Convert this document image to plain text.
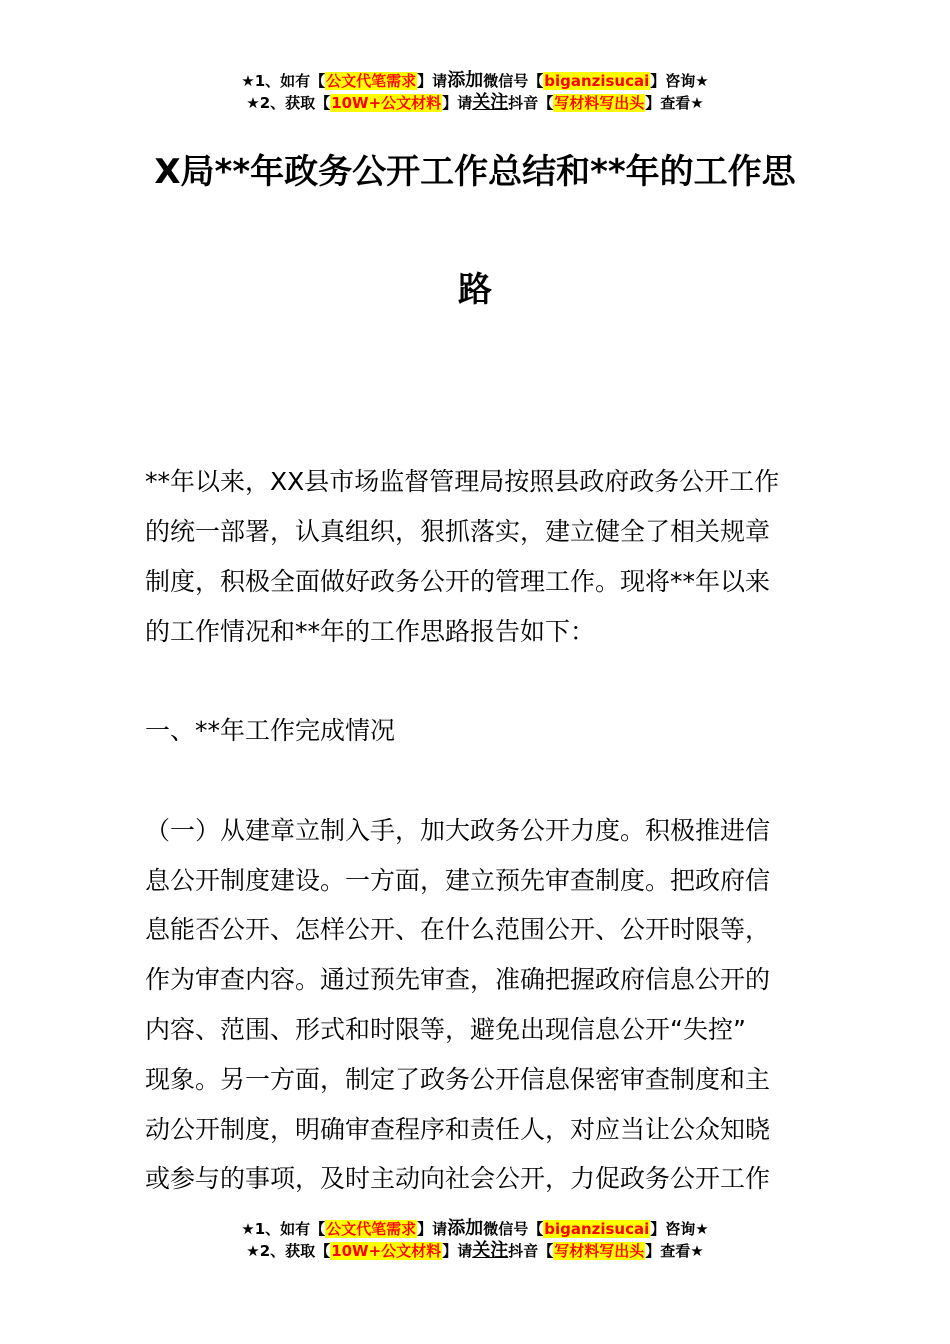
★1、如有【公文代笔需求】请添加微信号【biganzisucai】咨询★
★2、获取【10W+公文材料】请关注抖音【写材料写出头】查看★
X局**年政务公开工作总结和**年的工作思
路
**年以来，XX县市场监督管理局按照县政府政务公开工作
的统一部署，认真组织，狠抓落实，建立健全了相关规章
制度，积极全面做好政务公开的管理工作。现将**年以来
的工作情况和**年的工作思路报告如下：
一、**年工作完成情况
（一）从建章立制入手，加大政务公开力度。积极推进信
息公开制度建设。一方面，建立预先审查制度。把政府信
息能否公开、怎样公开、在什么范围公开、公开时限等，
作为审查内容。通过预先审查，准确把握政府信息公开的
内容、范围、形式和时限等，避免出现信息公开“失控”
现象。另一方面，制定了政务公开信息保密审查制度和主
动公开制度，明确审查程序和责任人，对应当让公众知晓
或参与的事项，及时主动向社会公开，力促政务公开工作
★1、如有【公文代笔需求】请添加微信号【biganzisucai】咨询★
★2、获取【10W+公文材料】请关注抖音【写材料写出头】查看★
